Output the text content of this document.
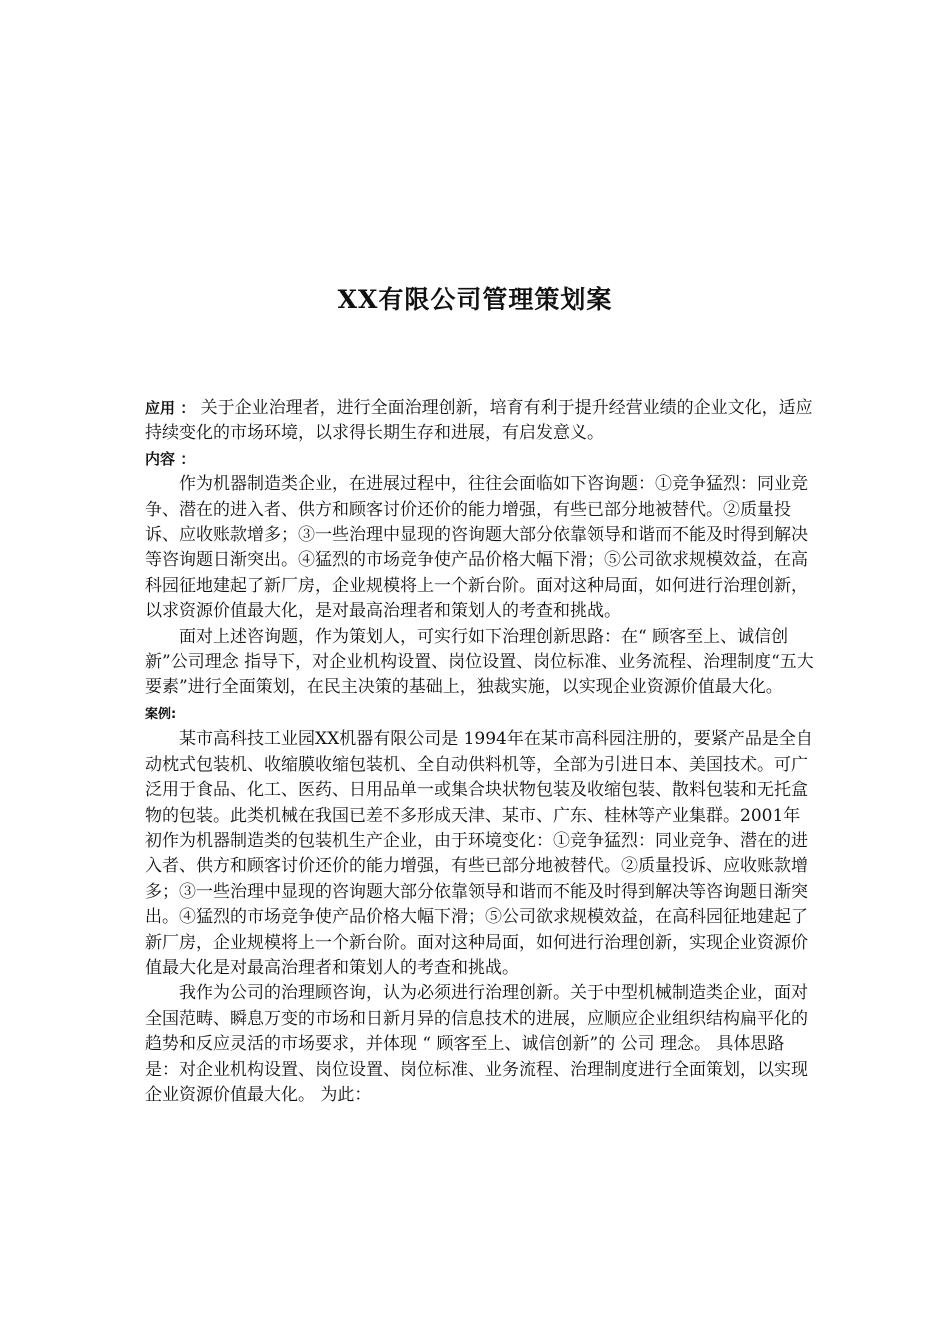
XX有限公司管理策划案

应用 ： 关于企业治理者，进行全面治理创新，培育有利于提升经营业绩的企业文化，适应持续变化的市场环境，以求得长期生存和进展，有启发意义。

内容 ：

作为机器制造类企业，在进展过程中，往往会面临如下咨询题：①竞争猛烈：同业竞争、潜在的进入者、供方和顾客讨价还价的能力增强，有些已部分地被替代。②质量投诉、应收账款增多；③一些治理中显现的咨询题大部分依靠领导和谐而不能及时得到解决等咨询题日渐突出。④猛烈的市场竞争使产品价格大幅下滑；⑤公司欲求规模效益，在高科园征地建起了新厂房，企业规模将上一个新台阶。面对这种局面，如何进行治理创新，以求资源价值最大化，是对最高治理者和策划人的考查和挑战。

面对上述咨询题，作为策划人，可实行如下治理创新思路：在“ 顾客至上、诚信创新”公司理念 指导下，对企业机构设置、岗位设置、岗位标准、业务流程、治理制度“五大要素”进行全面策划，在民主决策的基础上，独裁实施，以实现企业资源价值最大化。

案例:

某市高科技工业园XX机器有限公司是 1994年在某市高科园注册的，要紧产品是全自动枕式包装机、收缩膜收缩包装机、全自动供料机等，全部为引进日本、美国技术。可广泛用于食品、化工、医药、日用品单一或集合块状物包装及收缩包装、散料包装和无托盒物的包装。此类机械在我国已差不多形成天津、某市、广东、桂林等产业集群。2001年初作为机器制造类的包装机生产企业，由于环境变化：①竞争猛烈：同业竞争、潜在的进入者、供方和顾客讨价还价的能力增强，有些已部分地被替代。②质量投诉、应收账款增多；③一些治理中显现的咨询题大部分依靠领导和谐而不能及时得到解决等咨询题日渐突出。④猛烈的市场竞争使产品价格大幅下滑；⑤公司欲求规模效益，在高科园征地建起了新厂房，企业规模将上一个新台阶。面对这种局面，如何进行治理创新，实现企业资源价值最大化是对最高治理者和策划人的考查和挑战。

我作为公司的治理顾咨询，认为必须进行治理创新。关于中型机械制造类企业，面对全国范畴、瞬息万变的市场和日新月异的信息技术的进展，应顺应企业组织结构扁平化的趋势和反应灵活的市场要求，并体现 “ 顾客至上、诚信创新”的 公司 理念。 具体思路是：对企业机构设置、岗位设置、岗位标准、业务流程、治理制度进行全面策划，以实现企业资源价值最大化。 为此：
